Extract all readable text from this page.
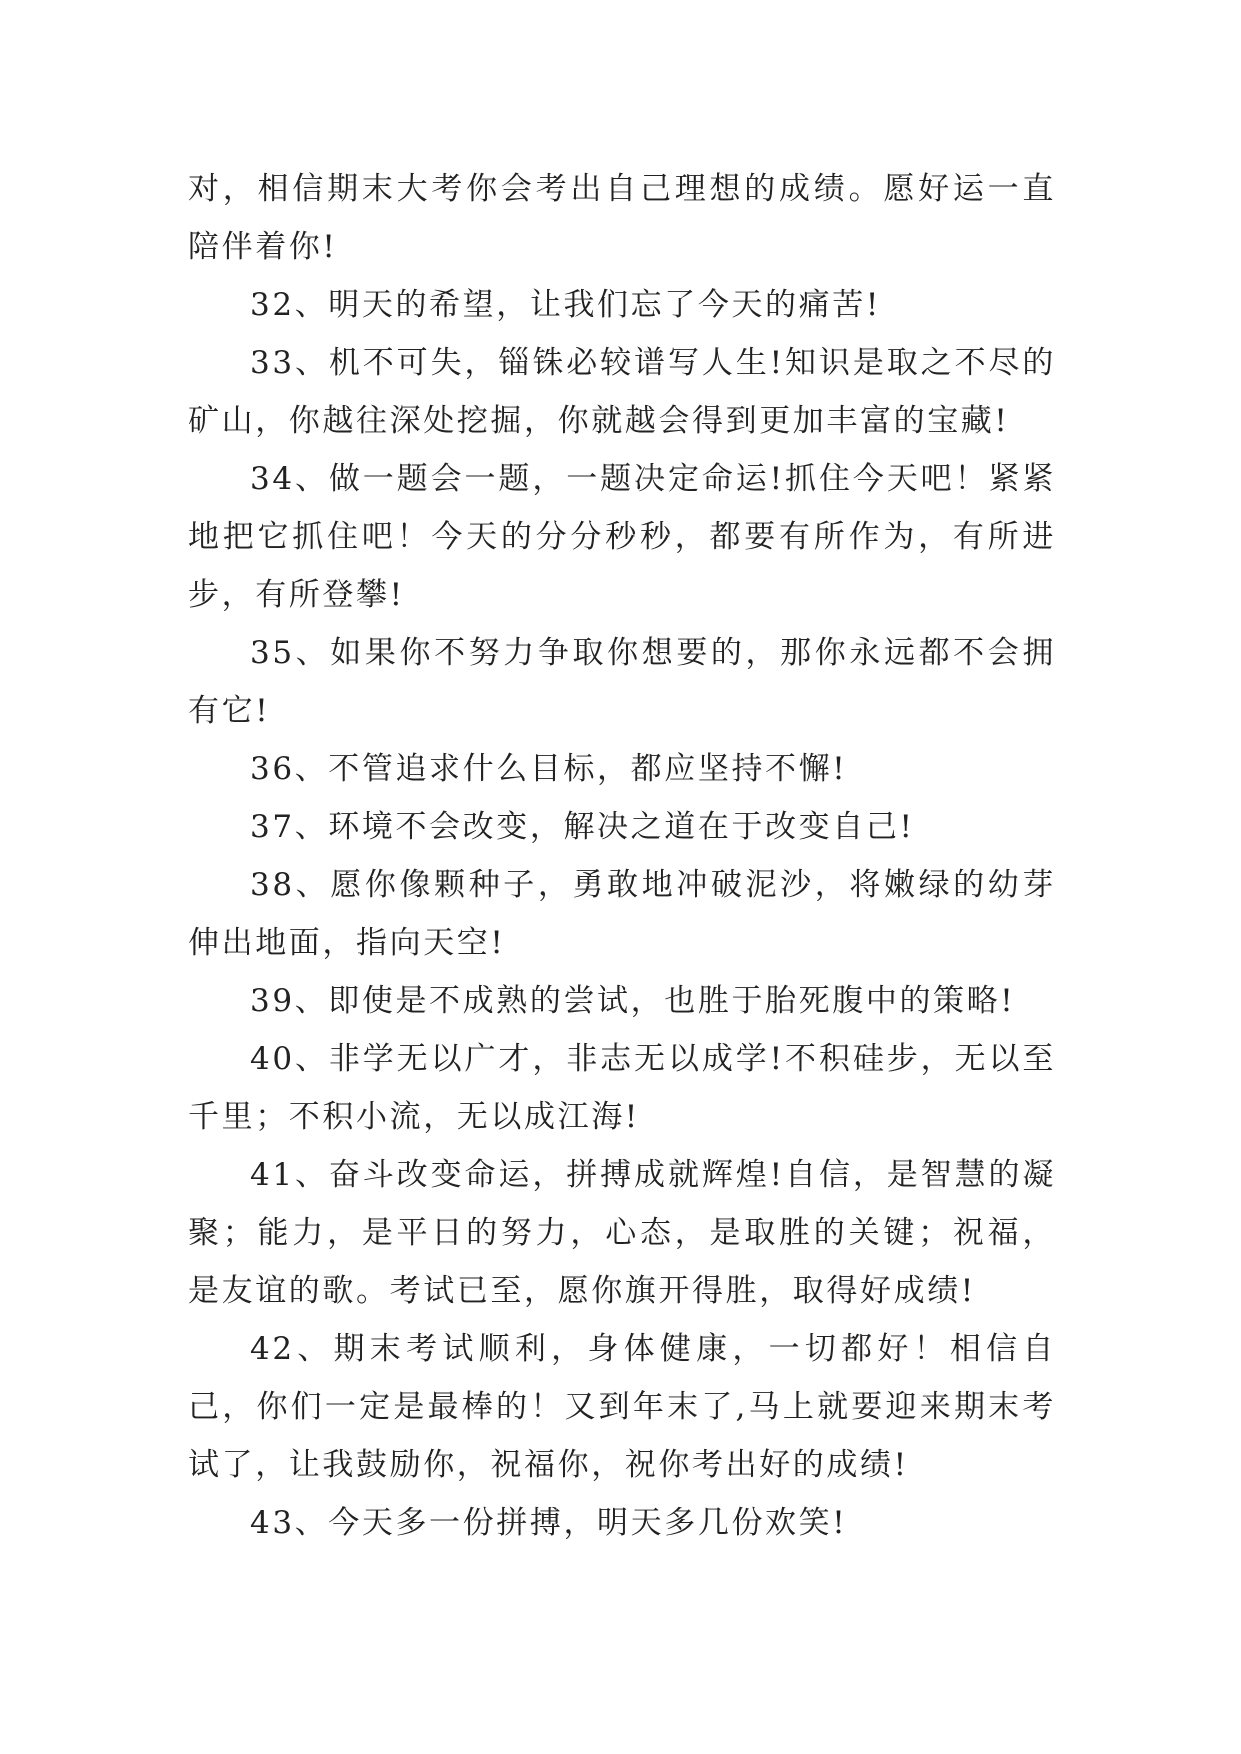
对，相信期末大考你会考出自己理想的成绩。愿好运一直陪伴着你!

32、明天的希望，让我们忘了今天的痛苦!

33、机不可失，锱铢必较谱写人生!知识是取之不尽的矿山，你越往深处挖掘，你就越会得到更加丰富的宝藏!

34、做一题会一题，一题决定命运!抓住今天吧！紧紧地把它抓住吧！今天的分分秒秒，都要有所作为，有所进步，有所登攀!

35、如果你不努力争取你想要的，那你永远都不会拥有它!

36、不管追求什么目标，都应坚持不懈!

37、环境不会改变，解决之道在于改变自己!

38、愿你像颗种子，勇敢地冲破泥沙，将嫩绿的幼芽伸出地面，指向天空!

39、即使是不成熟的尝试，也胜于胎死腹中的策略!

40、非学无以广才，非志无以成学!不积硅步，无以至千里；不积小流，无以成江海!

41、奋斗改变命运，拼搏成就辉煌!自信，是智慧的凝聚；能力，是平日的努力，心态，是取胜的关键；祝福，是友谊的歌。考试已至，愿你旗开得胜，取得好成绩!

42、期末考试顺利，身体健康，一切都好！相信自己，你们一定是最棒的！又到年末了,马上就要迎来期末考试了，让我鼓励你，祝福你，祝你考出好的成绩!

43、今天多一份拼搏，明天多几份欢笑!
